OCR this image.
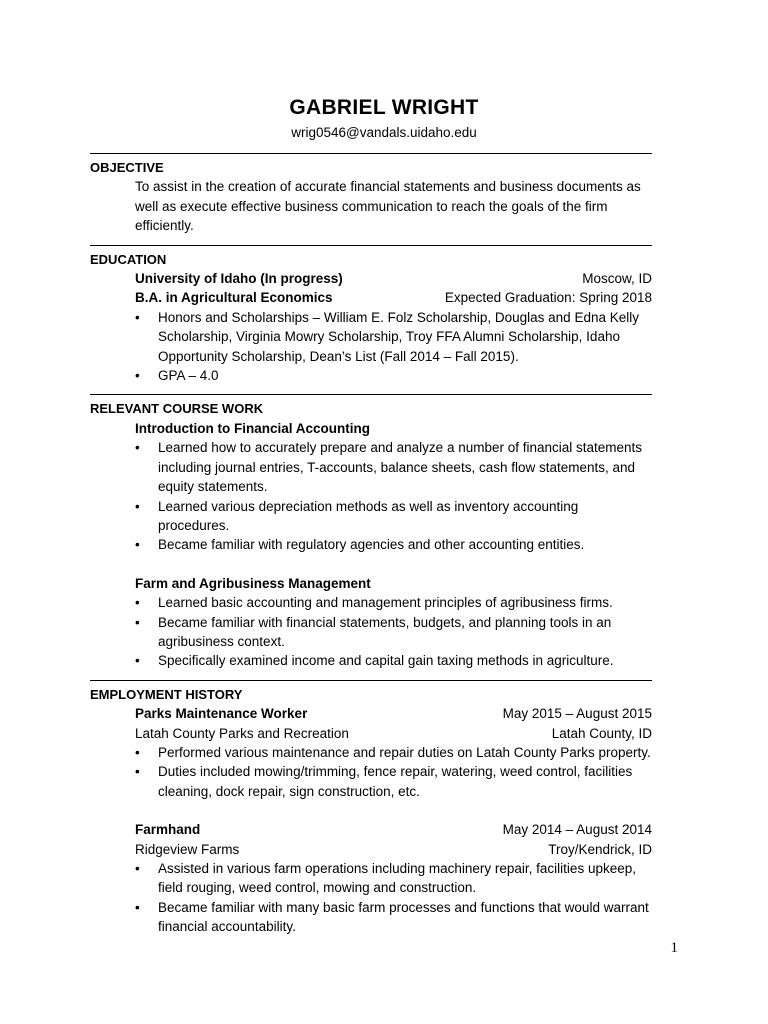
GABRIEL WRIGHT
wrig0546@vandals.uidaho.edu
OBJECTIVE
To assist in the creation of accurate financial statements and business documents as
well as execute effective business communication to reach the goals of the firm
efficiently.
EDUCATION
University of Idaho (In progress)	Moscow, ID
B.A. in Agricultural Economics	Expected Graduation: Spring 2018
• Honors and Scholarships – William E. Folz Scholarship, Douglas and Edna Kelly
Scholarship, Virginia Mowry Scholarship, Troy FFA Alumni Scholarship, Idaho
Opportunity Scholarship, Dean’s List (Fall 2014 – Fall 2015).
• GPA – 4.0
RELEVANT COURSE WORK
Introduction to Financial Accounting
• Learned how to accurately prepare and analyze a number of financial statements
including journal entries, T-accounts, balance sheets, cash flow statements, and
equity statements.
• Learned various depreciation methods as well as inventory accounting procedures.
• Became familiar with regulatory agencies and other accounting entities.
Farm and Agribusiness Management
• Learned basic accounting and management principles of agribusiness firms.
• Became familiar with financial statements, budgets, and planning tools in an
agribusiness context.
• Specifically examined income and capital gain taxing methods in agriculture.
EMPLOYMENT HISTORY
Parks Maintenance Worker	May 2015 – August 2015
Latah County Parks and Recreation	Latah County, ID
• Performed various maintenance and repair duties on Latah County Parks property.
• Duties included mowing/trimming, fence repair, watering, weed control, facilities
cleaning, dock repair, sign construction, etc.
Farmhand	May 2014 – August 2014
Ridgeview Farms	Troy/Kendrick, ID
• Assisted in various farm operations including machinery repair, facilities upkeep,
field rouging, weed control, mowing and construction.
• Became familiar with many basic farm processes and functions that would warrant
financial accountability.
1
